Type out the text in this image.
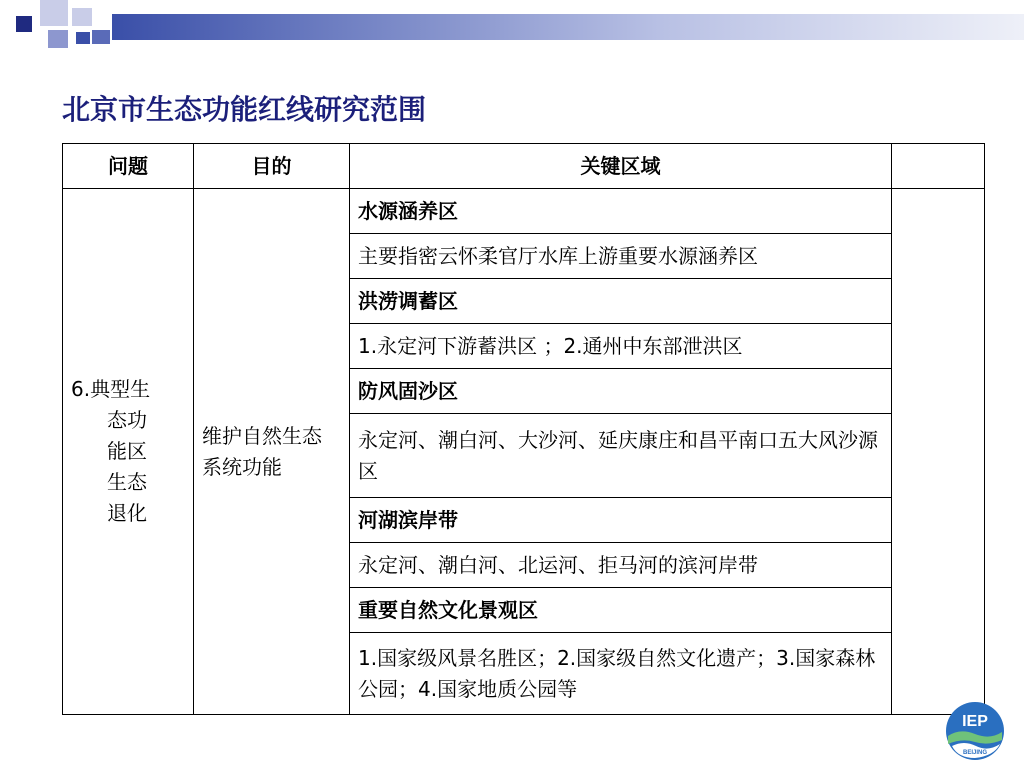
北京市生态功能红线研究范围
问题	目的	关键区域	
6.典型生
态功
能区
生态
退化	维护自然生态系统功能	水源涵养区	
		主要指密云怀柔官厅水库上游重要水源涵养区	
		洪涝调蓄区	
		1.永定河下游蓄洪区 ；2.通州中东部泄洪区	
		防风固沙区	
		永定河、潮白河、大沙河、延庆康庄和昌平南口五大风沙源区	
		河湖滨岸带	
		永定河、潮白河、北运河、拒马河的滨河岸带	
		重要自然文化景观区	
		1.国家级风景名胜区；2.国家级自然文化遗产；3.国家森林公园；4.国家地质公园等	
IEP
BEIJING
